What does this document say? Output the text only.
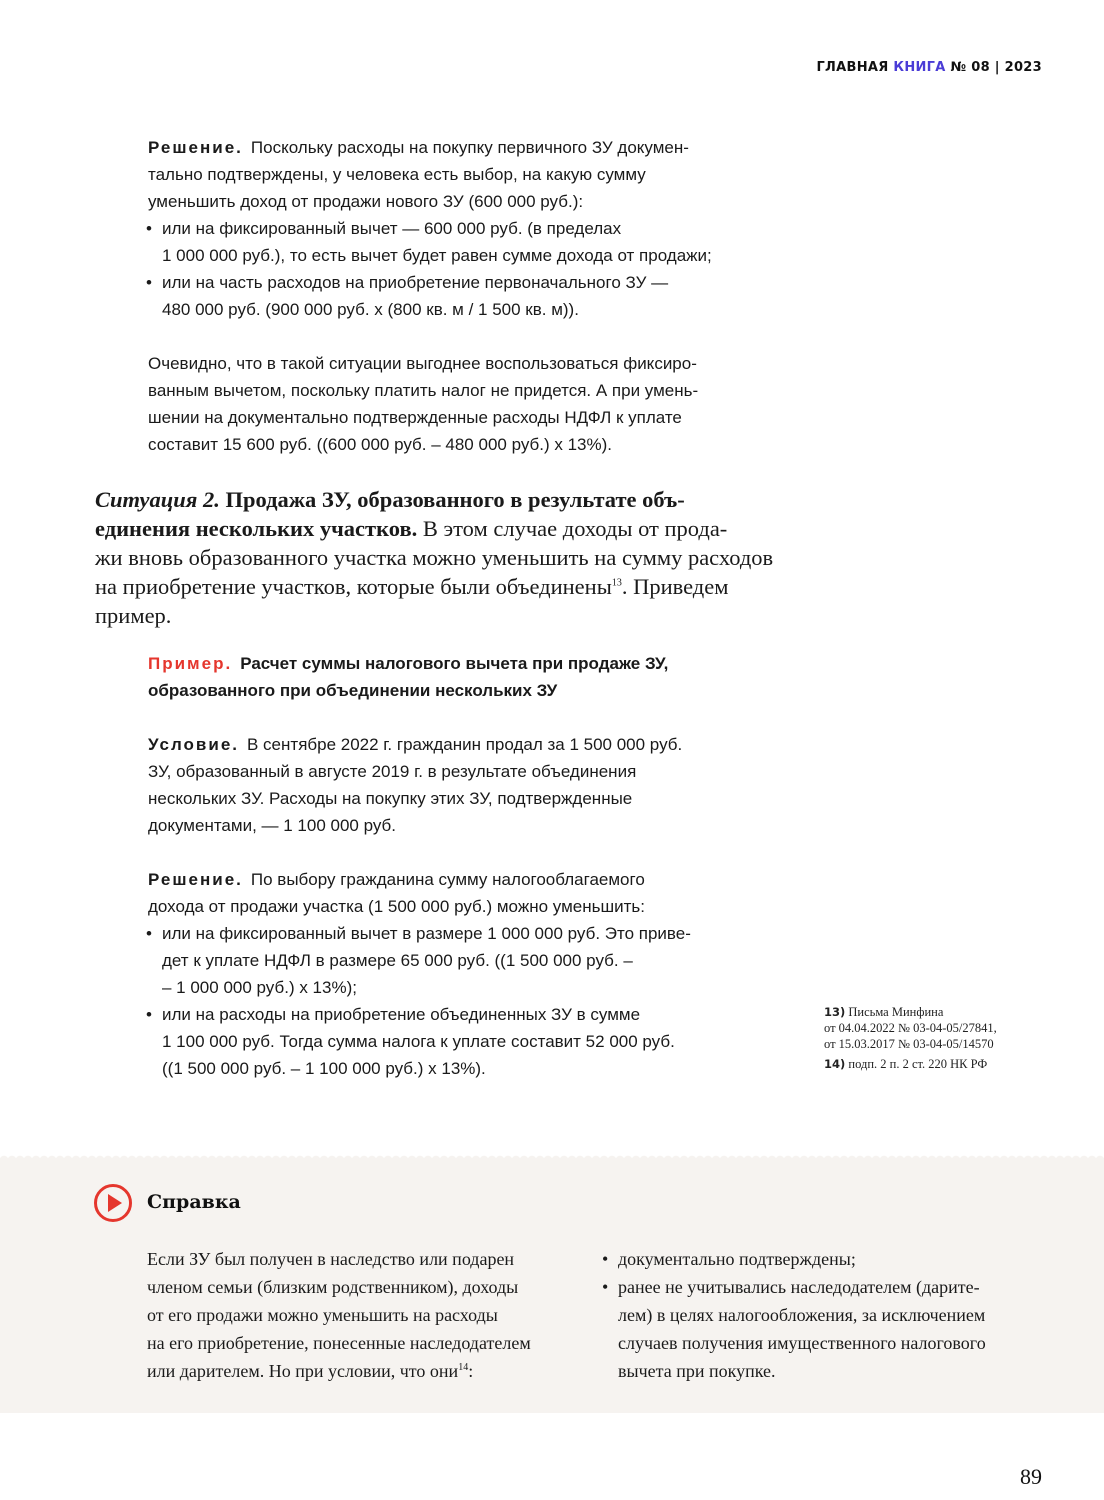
ГЛАВНАЯ КНИГА № 08 | 2023
Решение. Поскольку расходы на покупку первичного ЗУ докумен-
тально подтверждены, у человека есть выбор, на какую сумму
уменьшить доход от продажи нового ЗУ (600 000 руб.):
• или на фиксированный вычет — 600 000 руб. (в пределах
1 000 000 руб.), то есть вычет будет равен сумме дохода от продажи;
• или на часть расходов на приобретение первоначального ЗУ —
480 000 руб. (900 000 руб. х (800 кв. м / 1 500 кв. м)).
Очевидно, что в такой ситуации выгоднее воспользоваться фиксиро-
ванным вычетом, поскольку платить налог не придется. А при умень-
шении на документально подтвержденные расходы НДФЛ к уплате
составит 15 600 руб. ((600 000 руб. – 480 000 руб.) х 13%).
Ситуация 2. Продажа ЗУ, образованного в результате объ-
единения нескольких участков. В этом случае доходы от прода-
жи вновь образованного участка можно уменьшить на сумму расходов
на приобретение участков, которые были объединены$^{13}$. Приведем
пример.
Пример. Расчет суммы налогового вычета при продаже ЗУ,
образованного при объединении нескольких ЗУ
Условие. В сентябре 2022 г. гражданин продал за 1 500 000 руб.
ЗУ, образованный в августе 2019 г. в результате объединения
нескольких ЗУ. Расходы на покупку этих ЗУ, подтвержденные
документами, — 1 100 000 руб.
Решение. По выбору гражданина сумму налогооблагаемого
дохода от продажи участка (1 500 000 руб.) можно уменьшить:
• или на фиксированный вычет в размере 1 000 000 руб. Это приве-
дет к уплате НДФЛ в размере 65 000 руб. ((1 500 000 руб. –
– 1 000 000 руб.) х 13%);
• или на расходы на приобретение объединенных ЗУ в сумме
1 100 000 руб. Тогда сумма налога к уплате составит 52 000 руб.
((1 500 000 руб. – 1 100 000 руб.) х 13%).
13) Письма Минфина
от 04.04.2022 № 03-04-05/27841,
от 15.03.2017 № 03-04-05/14570
14) подп. 2 п. 2 ст. 220 НК РФ
Справка
Если ЗУ был получен в наследство или подарен
членом семьи (близким родственником), доходы
от его продажи можно уменьшить на расходы
на его приобретение, понесенные наследодателем
или дарителем. Но при условии, что они$^{14}$:
• документально подтверждены;
• ранее не учитывались наследодателем (дарите-
лем) в целях налогообложения, за исключением
случаев получения имущественного налогового
вычета при покупке.
89
